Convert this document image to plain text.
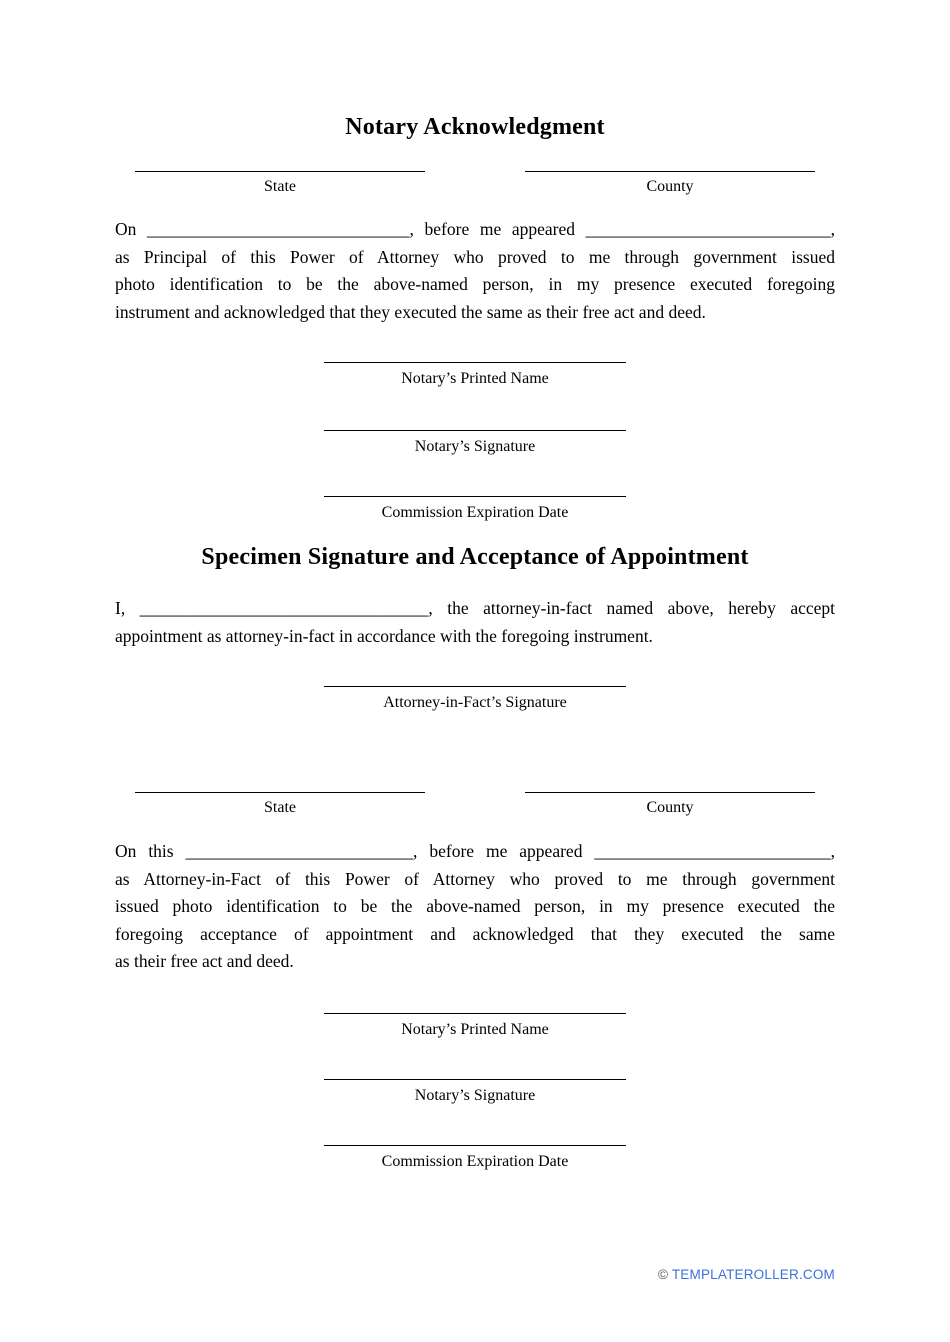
Notary Acknowledgment
State	County
On ______________________________, before me appeared ____________________________,
as Principal of this Power of Attorney who proved to me through government issued
photo identification to be the above-named person, in my presence executed foregoing
instrument and acknowledged that they executed the same as their free act and deed.
Notary’s Printed Name
Notary’s Signature
Commission Expiration Date
Specimen Signature and Acceptance of Appointment
I, _________________________________, the attorney-in-fact named above, hereby accept
appointment as attorney-in-fact in accordance with the foregoing instrument.
Attorney-in-Fact’s Signature
State	County
On this __________________________, before me appeared ___________________________,
as Attorney-in-Fact of this Power of Attorney who proved to me through government
issued photo identification to be the above-named person, in my presence executed the
foregoing acceptance of appointment and acknowledged that they executed the same
as their free act and deed.
Notary’s Printed Name
Notary’s Signature
Commission Expiration Date
© TEMPLATEROLLER.COM
